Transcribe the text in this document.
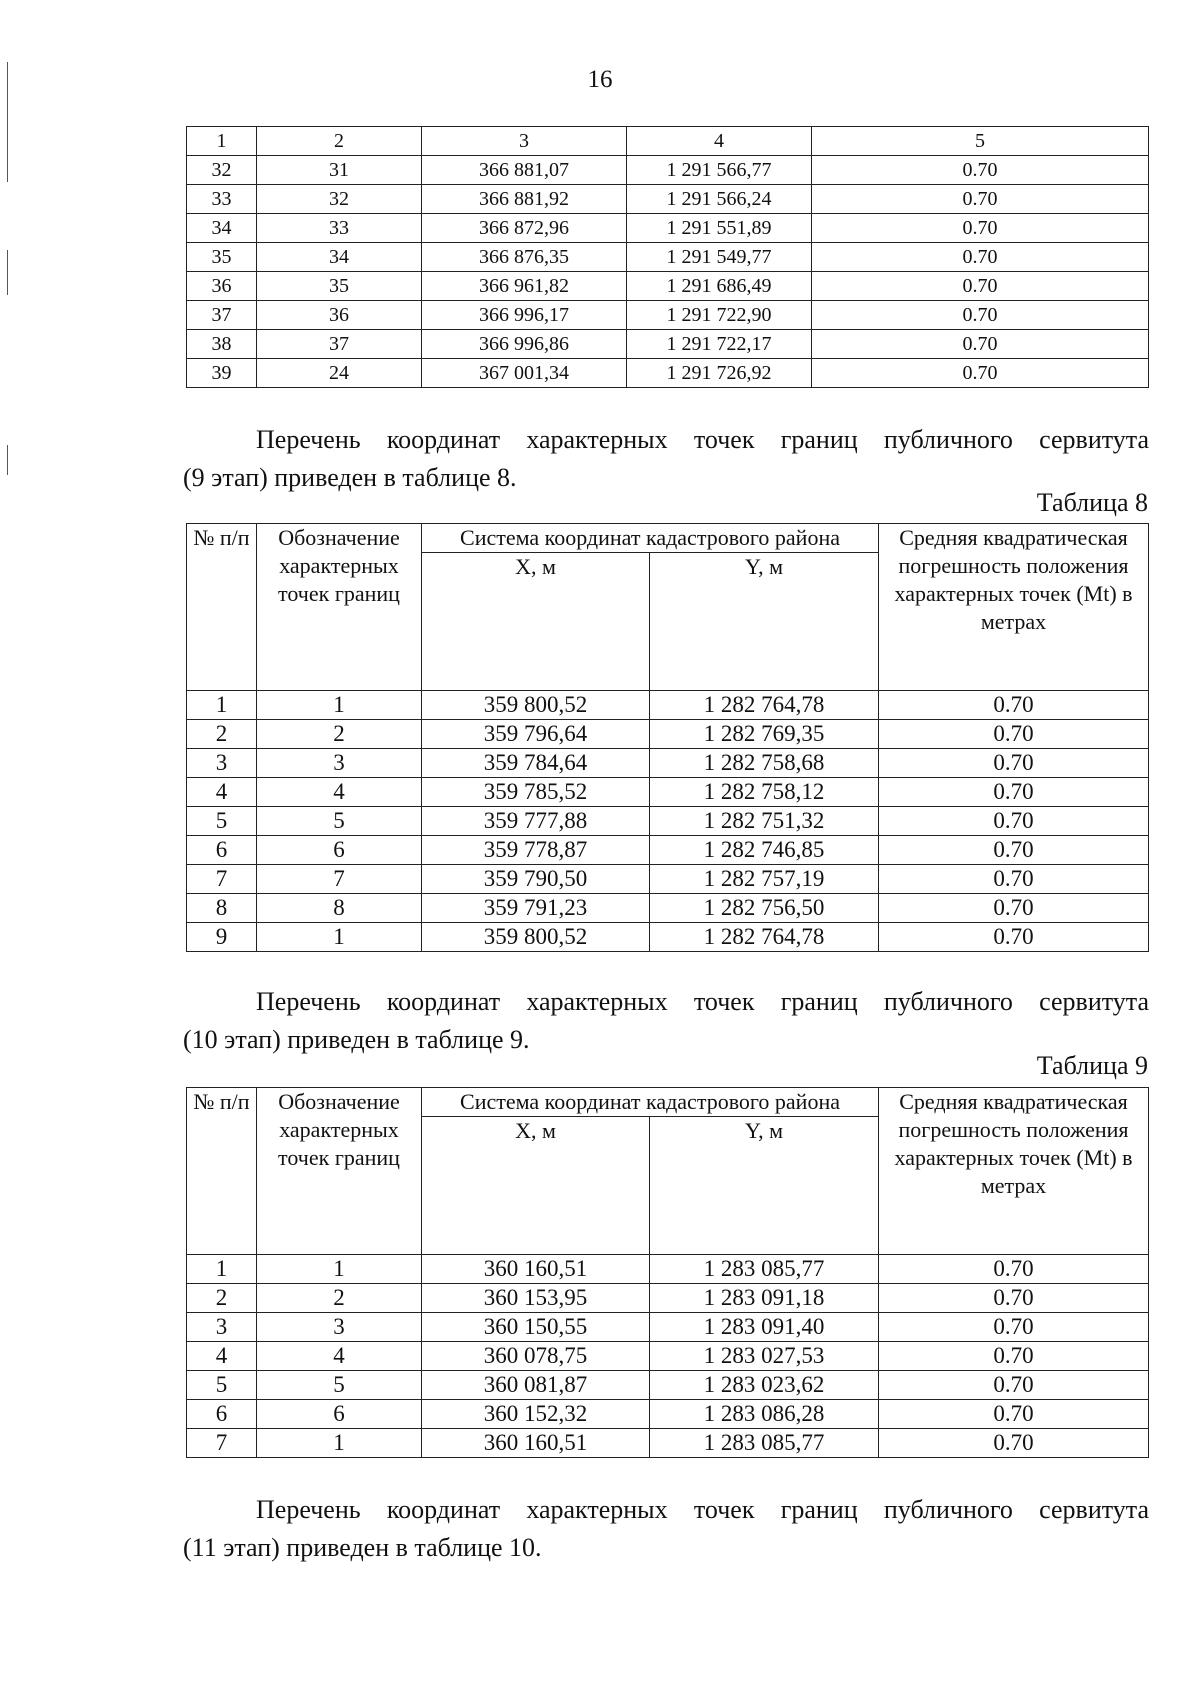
16
1	2	3	4	5
32	31	366 881,07	1 291 566,77	0.70
33	32	366 881,92	1 291 566,24	0.70
34	33	366 872,96	1 291 551,89	0.70
35	34	366 876,35	1 291 549,77	0.70
36	35	366 961,82	1 291 686,49	0.70
37	36	366 996,17	1 291 722,90	0.70
38	37	366 996,86	1 291 722,17	0.70
39	24	367 001,34	1 291 726,92	0.70
Перечень координат характерных точек границ публичного сервитута
(9 этап) приведен в таблице 8.
Таблица 8
№ п/п	Обозначение характерных точек границ	Система координат кадастрового района		Средняя квадратическая погрешность положения характерных точек (Mt) в метрах
		X, м	Y, м	
1	1	359 800,52	1 282 764,78	0.70
2	2	359 796,64	1 282 769,35	0.70
3	3	359 784,64	1 282 758,68	0.70
4	4	359 785,52	1 282 758,12	0.70
5	5	359 777,88	1 282 751,32	0.70
6	6	359 778,87	1 282 746,85	0.70
7	7	359 790,50	1 282 757,19	0.70
8	8	359 791,23	1 282 756,50	0.70
9	1	359 800,52	1 282 764,78	0.70
Перечень координат характерных точек границ публичного сервитута
(10 этап) приведен в таблице 9.
Таблица 9
№ п/п	Обозначение характерных точек границ	Система координат кадастрового района		Средняя квадратическая погрешность положения характерных точек (Mt) в метрах
		X, м	Y, м	
1	1	360 160,51	1 283 085,77	0.70
2	2	360 153,95	1 283 091,18	0.70
3	3	360 150,55	1 283 091,40	0.70
4	4	360 078,75	1 283 027,53	0.70
5	5	360 081,87	1 283 023,62	0.70
6	6	360 152,32	1 283 086,28	0.70
7	1	360 160,51	1 283 085,77	0.70
Перечень координат характерных точек границ публичного сервитута
(11 этап) приведен в таблице 10.
